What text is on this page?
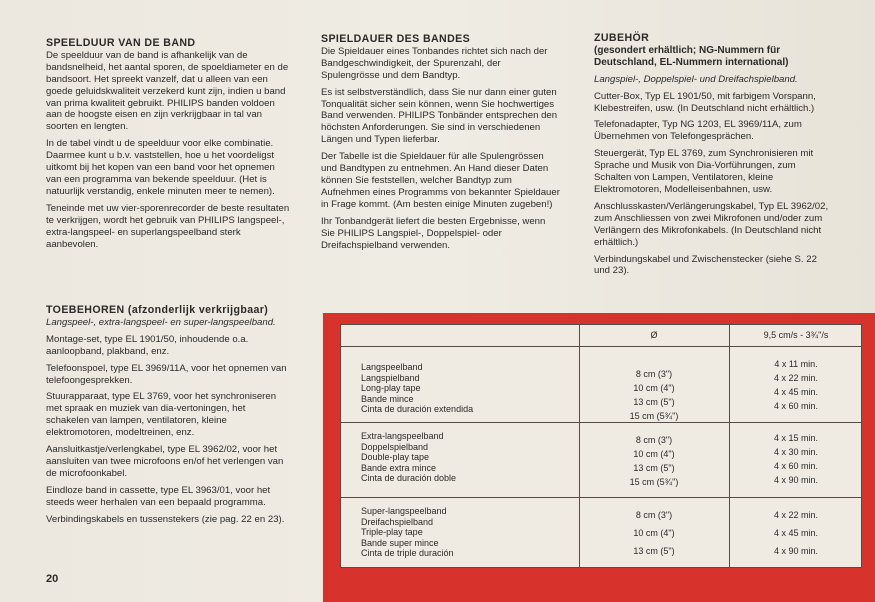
SPEELDUUR VAN DE BAND

De speelduur van de band is afhankelijk van de bandsnelheid, het aantal sporen, de spoeldiameter en de bandsoort. Het spreekt vanzelf, dat u alleen van een goede geluidskwaliteit verzekerd kunt zijn, indien u band van prima kwaliteit gebruikt. PHILIPS banden voldoen aan de hoogste eisen en zijn verkrijgbaar in tal van soorten en lengten.

In de tabel vindt u de speelduur voor elke combinatie. Daarmee kunt u b.v. vaststellen, hoe u het voordeligst uitkomt bij het kopen van een band voor het opnemen van een programma van bekende speelduur. (Het is natuurlijk verstandig, enkele minuten meer te nemen).

Teneinde met uw vier-sporenrecorder de beste resultaten te verkrijgen, wordt het gebruik van PHILIPS langspeel-, extra-langspeel- en superlangspeelband sterk aanbevolen.

SPIELDAUER DES BANDES

Die Spieldauer eines Tonbandes richtet sich nach der Bandgeschwindigkeit, der Spurenzahl, der Spulengrösse und dem Bandtyp.

Es ist selbstverständlich, dass Sie nur dann einer guten Tonqualität sicher sein können, wenn Sie hochwertiges Band verwenden. PHILIPS Tonbänder entsprechen den höchsten Anforderungen. Sie sind in verschiedenen Längen und Typen lieferbar.

Der Tabelle ist die Spieldauer für alle Spulengrössen und Bandtypen zu entnehmen. An Hand dieser Daten können Sie feststellen, welcher Bandtyp zum Aufnehmen eines Programms von bekannter Spieldauer in Frage kommt. (Am besten einige Minuten zugeben!)

Ihr Tonbandgerät liefert die besten Ergebnisse, wenn Sie PHILIPS Langspiel-, Doppelspiel- oder Dreifachspielband verwenden.

ZUBEHÖR

(gesondert erhältlich; NG-Nummern für Deutschland, EL-Nummern international)

Langspiel-, Doppelspiel- und Dreifachspielband.

Cutter-Box, Typ EL 1901/50, mit farbigem Vorspann, Klebestreifen, usw. (In Deutschland nicht erhältlich.)

Telefonadapter, Typ NG 1203, EL 3969/11A, zum Übernehmen von Telefongesprächen.

Steuergerät, Typ EL 3769, zum Synchronisieren mit Sprache und Musik von Dia-Vorführungen, zum Schalten von Lampen, Ventilatoren, kleine Elektromotoren, Modelleisenbahnen, usw.

Anschlusskasten/Verlängerungskabel, Typ EL 3962/02, zum Anschliessen von zwei Mikrofonen und/oder zum Verlängern des Mikrofonkabels. (In Deutschland nicht erhältlich.)

Verbindungskabel und Zwischenstecker (siehe S. 22 und 23).

TOEBEHOREN (afzonderlijk verkrijgbaar)

Langspeel-, extra-langspeel- en super-langspeelband.

Montage-set, type EL 1901/50, inhoudende o.a. aanloopband, plakband, enz.

Telefoonspoel, type EL 3969/11A, voor het opnemen van telefoongesprekken.

Stuurapparaat, type EL 3769, voor het synchroniseren met spraak en muziek van dia-vertoningen, het schakelen van lampen, ventilatoren, kleine elektromotoren, modeltreinen, enz.

Aansluitkastje/verlengkabel, type EL 3962/02, voor het aansluiten van twee microfoons en/of het verlengen van de microfoonkabel.

Eindloze band in cassette, type EL 3963/01, voor het steeds weer herhalen van een bepaald programma.

Verbindingskabels en tussenstekers (zie pag. 22 en 23).

20
Ø	9,5 cm/s - 3¾"/s
Langspeelband
Langspielband
Long-play tape
Bande mince
Cinta de duración extendida
8 cm (3")
10 cm (4")
13 cm (5")
15 cm (5¾")
4 x 11 min.
4 x 22 min.
4 x 45 min.
4 x 60 min.
Extra-langspeelband
Doppelspielband
Double-play tape
Bande extra mince
Cinta de duración doble
8 cm (3")
10 cm (4")
13 cm (5")
15 cm (5¾")
4 x 15 min.
4 x 30 min.
4 x 60 min.
4 x 90 min.
Super-langspeelband
Dreifachspielband
Triple-play tape
Bande super mince
Cinta de triple duración
8 cm (3")
10 cm (4")
13 cm (5")
4 x 22 min.
4 x 45 min.
4 x 90 min.
